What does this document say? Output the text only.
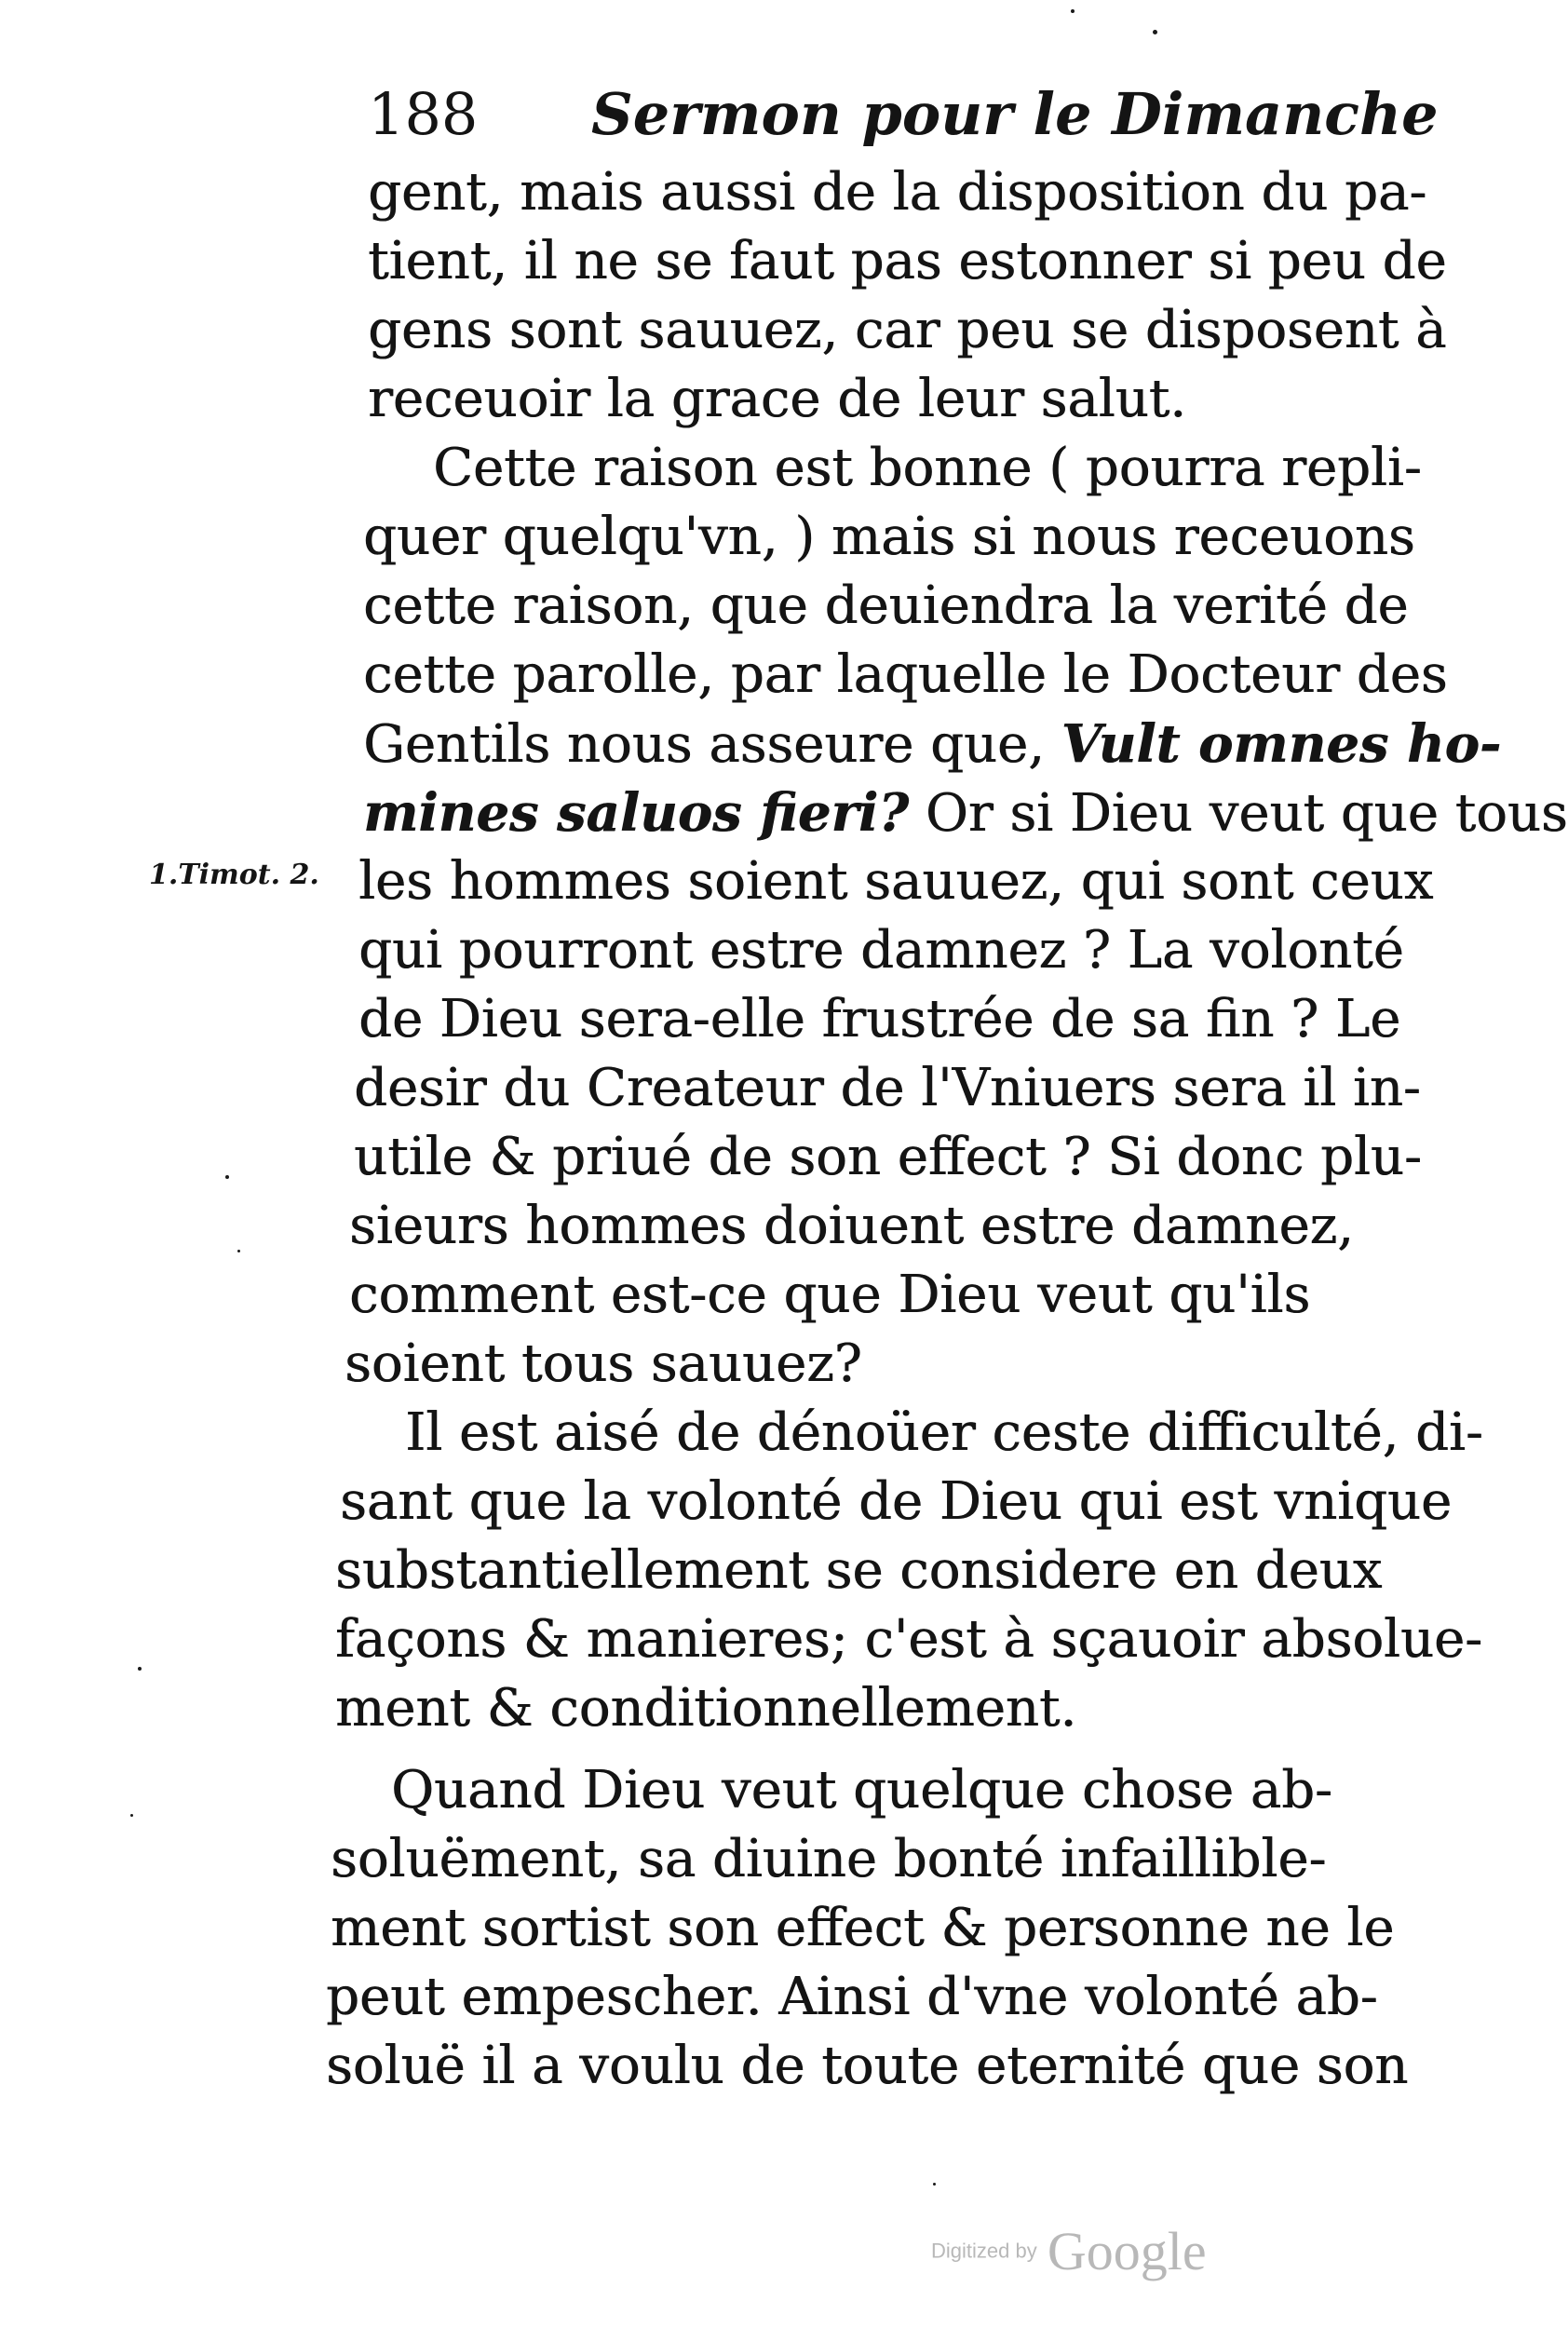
188 Sermon pour le Dimanche
1.Timot. 2.
gent, mais aussi de la disposition du pa-
tient, il ne se faut pas estonner si peu de
gens sont sauuez, car peu se disposent à
receuoir la grace de leur salut.
Cette raison est bonne ( pourra repli-
quer quelqu'vn, ) mais si nous receuons
cette raison, que deuiendra la verité de
cette parolle, par laquelle le Docteur des
Gentils nous asseure que, Vult omnes ho-
mines saluos fieri? Or si Dieu veut que tous
les hommes soient sauuez, qui sont ceux
qui pourront estre damnez ? La volonté
de Dieu sera-elle frustrée de sa fin ? Le
desir du Createur de l'Vniuers sera il in-
utile & priué de son effect ? Si donc plu-
sieurs hommes doiuent estre damnez,
comment est-ce que Dieu veut qu'ils
soient tous sauuez?
Il est aisé de dénoüer ceste difficulté, di-
sant que la volonté de Dieu qui est vnique
substantiellement se considere en deux
façons & manieres; c'est à sçauoir absolue-
ment & conditionnellement.
Quand Dieu veut quelque chose ab-
soluëment, sa diuine bonté infaillible-
ment sortist son effect & personne ne le
peut empescher. Ainsi d'vne volonté ab-
soluë il a voulu de toute eternité que son
Digitized by Google
